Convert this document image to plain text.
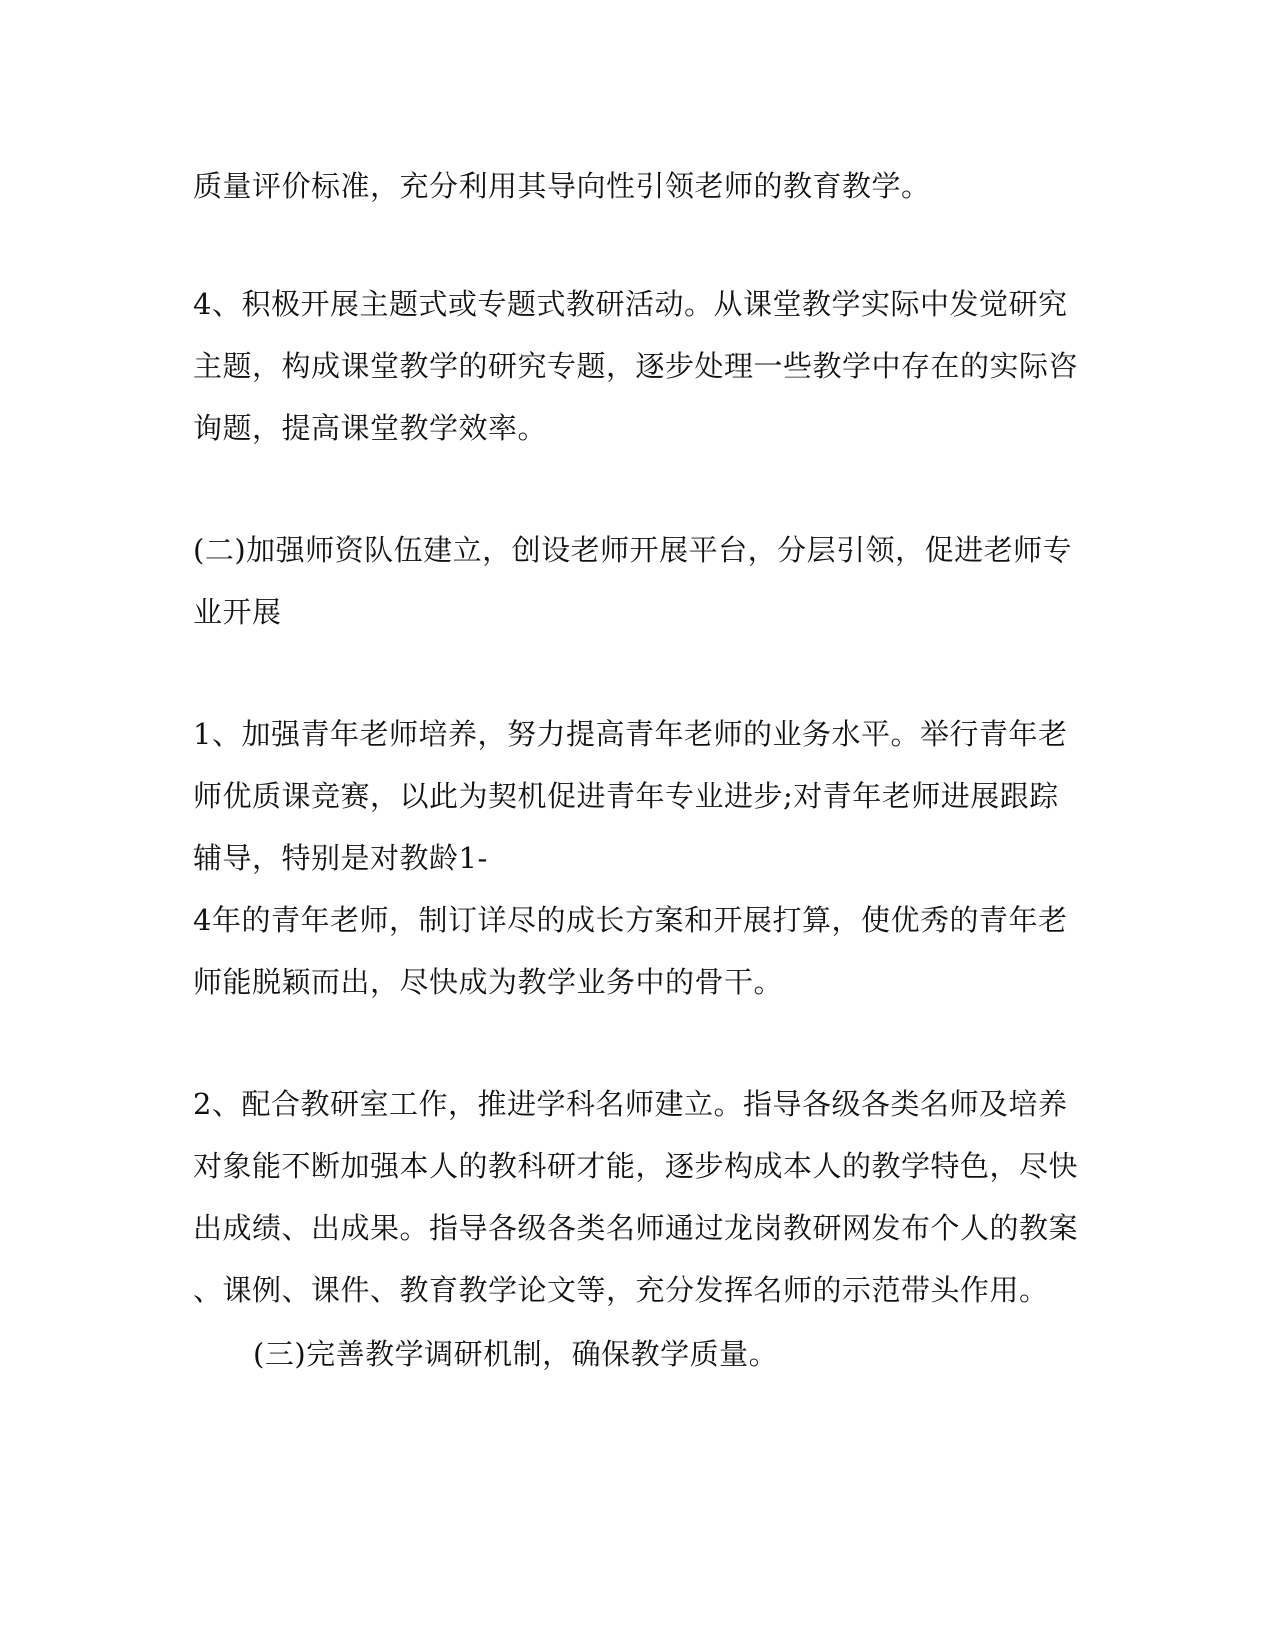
质量评价标准，充分利用其导向性引领老师的教育教学。
4、积极开展主题式或专题式教研活动。从课堂教学实际中发觉研究
主题，构成课堂教学的研究专题，逐步处理一些教学中存在的实际咨
询题，提高课堂教学效率。
(二)加强师资队伍建立，创设老师开展平台，分层引领，促进老师专
业开展
1、加强青年老师培养，努力提高青年老师的业务水平。举行青年老
师优质课竞赛，以此为契机促进青年专业进步;对青年老师进展跟踪
辅导，特别是对教龄1-
4年的青年老师，制订详尽的成长方案和开展打算，使优秀的青年老
师能脱颖而出，尽快成为教学业务中的骨干。
2、配合教研室工作，推进学科名师建立。指导各级各类名师及培养
对象能不断加强本人的教科研才能，逐步构成本人的教学特色，尽快
出成绩、出成果。指导各级各类名师通过龙岗教研网发布个人的教案
、课例、课件、教育教学论文等，充分发挥名师的示范带头作用。
(三)完善教学调研机制，确保教学质量。
